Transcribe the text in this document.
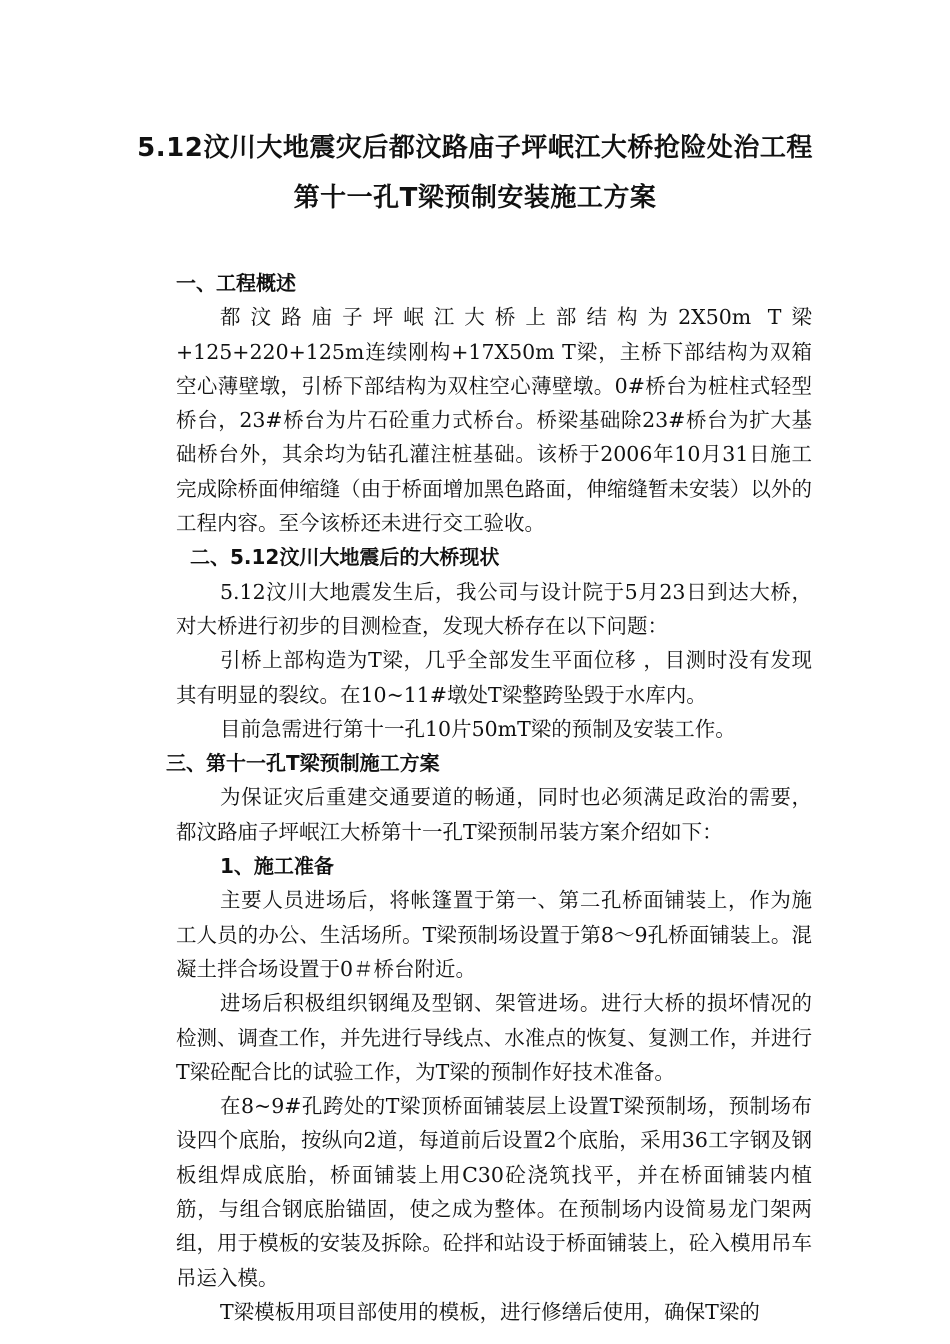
5.12汶川大地震灾后都汶路庙子坪岷江大桥抢险处治工程
第十一孔T梁预制安装施工方案

一、工程概述

都汶路庙子坪岷江大桥上部结构为2X50m T梁+125+220+125m连续刚构+17X50m T梁，主桥下部结构为双箱空心薄壁墩，引桥下部结构为双柱空心薄壁墩。0#桥台为桩柱式轻型桥台，23#桥台为片石砼重力式桥台。桥梁基础除23#桥台为扩大基础桥台外，其余均为钻孔灌注桩基础。该桥于2006年10月31日施工完成除桥面伸缩缝（由于桥面增加黑色路面，伸缩缝暂未安装）以外的工程内容。至今该桥还未进行交工验收。

二、5.12汶川大地震后的大桥现状

5.12汶川大地震发生后，我公司与设计院于5月23日到达大桥，对大桥进行初步的目测检查，发现大桥存在以下问题：

引桥上部构造为T梁，几乎全部发生平面位移 ，目测时没有发现其有明显的裂纹。在10~11#墩处T梁整跨坠毁于水库内。

目前急需进行第十一孔10片50mT梁的预制及安装工作。

三、第十一孔T梁预制施工方案

为保证灾后重建交通要道的畅通，同时也必须满足政治的需要，都汶路庙子坪岷江大桥第十一孔T梁预制吊装方案介绍如下：

1、施工准备

主要人员进场后，将帐篷置于第一、第二孔桥面铺装上，作为施工人员的办公、生活场所。T梁预制场设置于第8～9孔桥面铺装上。混凝土拌合场设置于0＃桥台附近。

进场后积极组织钢绳及型钢、架管进场。进行大桥的损坏情况的检测、调查工作，并先进行导线点、水准点的恢复、复测工作，并进行T梁砼配合比的试验工作，为T梁的预制作好技术准备。

在8~9#孔跨处的T梁顶桥面铺装层上设置T梁预制场，预制场布设四个底胎，按纵向2道，每道前后设置2个底胎，采用36工字钢及钢板组焊成底胎，桥面铺装上用C30砼浇筑找平，并在桥面铺装内植筋，与组合钢底胎锚固，使之成为整体。在预制场内设简易龙门架两组，用于模板的安装及拆除。砼拌和站设于桥面铺装上，砼入模用吊车吊运入模。

T梁模板用项目部使用的模板，进行修缮后使用，确保T梁的
